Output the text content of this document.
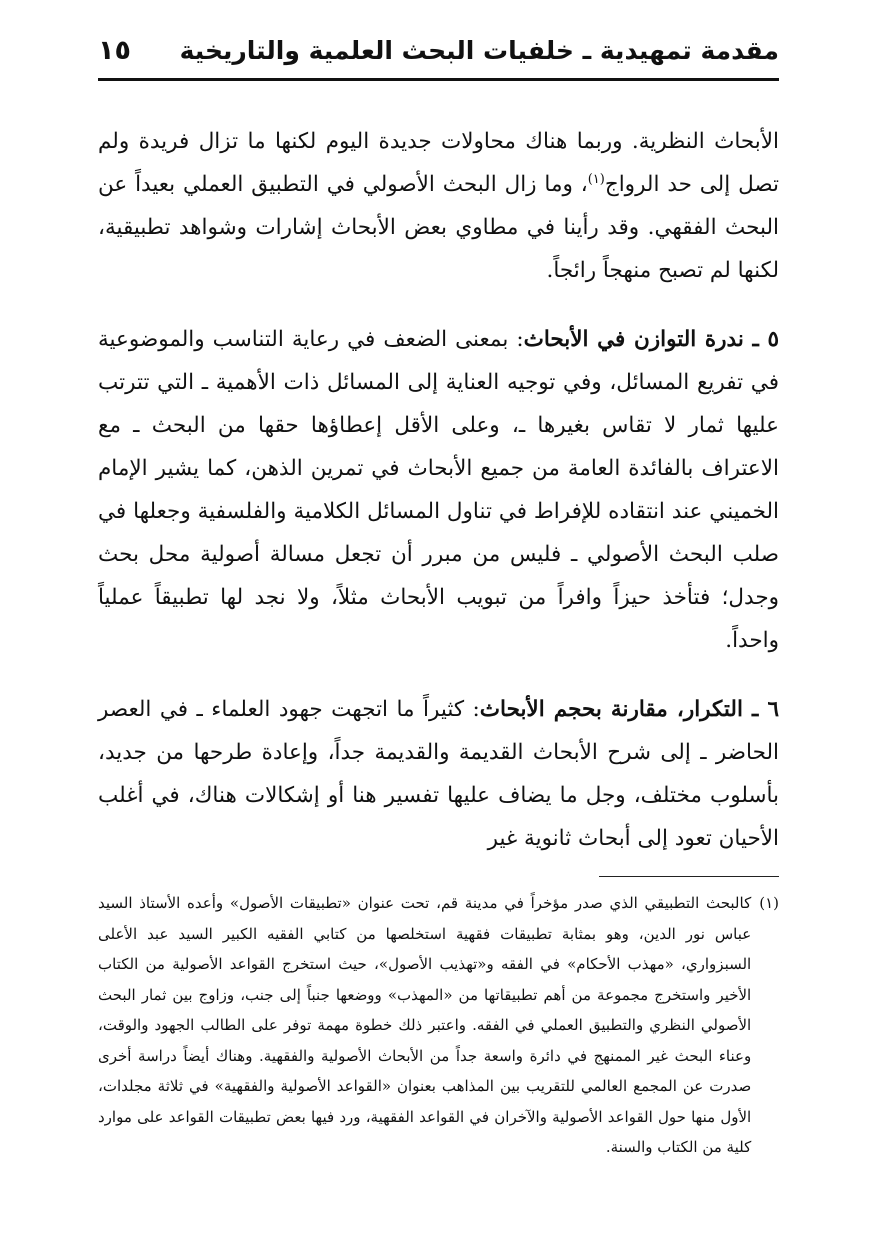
مقدمة تمهيدية ـ خلفيات البحث العلمية والتاريخية
١٥

الأبحاث النظرية. وربما هناك محاولات جديدة اليوم لكنها ما تزال فريدة ولم تصل إلى حد الرواج$^{(١)}$، وما زال البحث الأصولي في التطبيق العملي بعيداً عن البحث الفقهي. وقد رأينا في مطاوي بعض الأبحاث إشارات وشواهد تطبيقية، لكنها لم تصبح منهجاً رائجاً.

٥ ـ ندرة التوازن في الأبحاث: بمعنى الضعف في رعاية التناسب والموضوعية في تفريع المسائل، وفي توجيه العناية إلى المسائل ذات الأهمية ـ التي تترتب عليها ثمار لا تقاس بغيرها ـ، وعلى الأقل إعطاؤها حقها من البحث ـ مع الاعتراف بالفائدة العامة من جميع الأبحاث في تمرين الذهن، كما يشير الإمام الخميني عند انتقاده للإفراط في تناول المسائل الكلامية والفلسفية وجعلها في صلب البحث الأصولي ـ فليس من مبرر أن تجعل مسالة أصولية محل بحث وجدل؛ فتأخذ حيزاً وافراً من تبويب الأبحاث مثلاً، ولا نجد لها تطبيقاً عملياً واحداً.

٦ ـ التكرار، مقارنة بحجم الأبحاث: كثيراً ما اتجهت جهود العلماء ـ في العصر الحاضر ـ إلى شرح الأبحاث القديمة والقديمة جداً، وإعادة طرحها من جديد، بأسلوب مختلف، وجل ما يضاف عليها تفسير هنا أو إشكالات هناك، في أغلب الأحيان تعود إلى أبحاث ثانوية غير

(١)
كالبحث التطبيقي الذي صدر مؤخراً في مدينة قم، تحت عنوان «تطبيقات الأصول» وأعده الأستاذ السيد عباس نور الدين، وهو بمثابة تطبيقات فقهية استخلصها من كتابي الفقيه الكبير السيد عبد الأعلى السبزواري، «مهذب الأحكام» في الفقه و«تهذيب الأصول»، حيث استخرج القواعد الأصولية من الكتاب الأخير واستخرج مجموعة من أهم تطبيقاتها من «المهذب» ووضعها جنباً إلى جنب، وزاوج بين ثمار البحث الأصولي النظري والتطبيق العملي في الفقه. واعتبر ذلك خطوة مهمة توفر على الطالب الجهود والوقت، وعناء البحث غير الممنهج في دائرة واسعة جداً من الأبحاث الأصولية والفقهية. وهناك أيضاً دراسة أخرى صدرت عن المجمع العالمي للتقريب بين المذاهب بعنوان «القواعد الأصولية والفقهية» في ثلاثة مجلدات، الأول منها حول القواعد الأصولية والآخران في القواعد الفقهية، ورد فيها بعض تطبيقات القواعد على موارد كلية من الكتاب والسنة.
